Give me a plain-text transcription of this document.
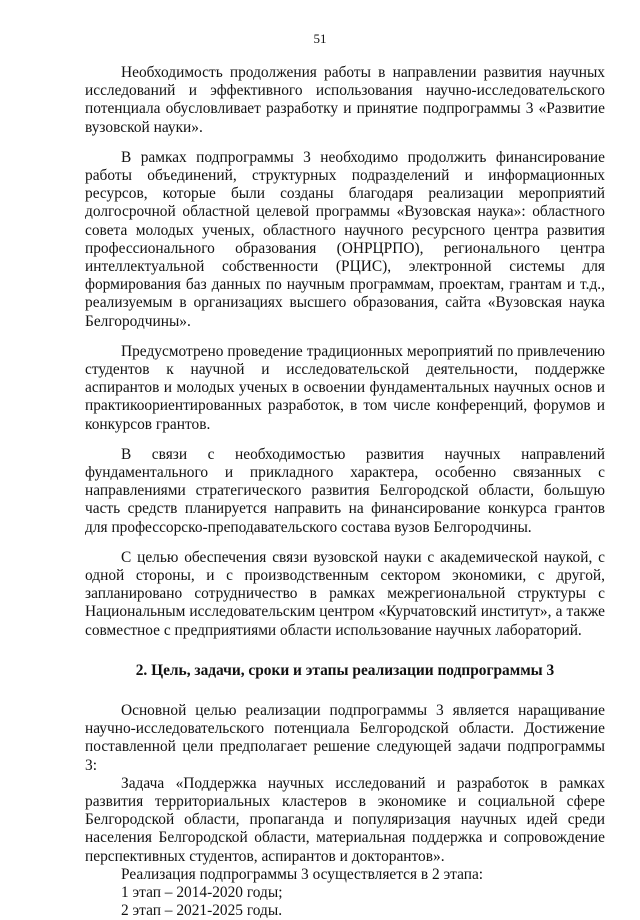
51

Необходимость продолжения работы в направлении развития научных исследований и эффективного использования научно-исследовательского потенциала обусловливает разработку и принятие подпрограммы 3 «Развитие вузовской науки».

В рамках подпрограммы 3 необходимо продолжить финансирование работы объединений, структурных подразделений и информационных ресурсов, которые были созданы благодаря реализации мероприятий долгосрочной областной целевой программы «Вузовская наука»: областного совета молодых ученых, областного научного ресурсного центра развития профессионального образования (ОНРЦРПО), регионального центра интеллектуальной собственности (РЦИС), электронной системы для формирования баз данных по научным программам, проектам, грантам и т.д., реализуемым в организациях высшего образования, сайта «Вузовская наука Белгородчины».

Предусмотрено проведение традиционных мероприятий по привлечению студентов к научной и исследовательской деятельности, поддержке аспирантов и молодых ученых в освоении фундаментальных научных основ и практикоориентированных разработок, в том числе конференций, форумов и конкурсов грантов.

В связи с необходимостью развития научных направлений фундаментального и прикладного характера, особенно связанных с направлениями стратегического развития Белгородской области, большую часть средств планируется направить на финансирование конкурса грантов для профессорско-преподавательского состава вузов Белгородчины.

С целью обеспечения связи вузовской науки с академической наукой, с одной стороны, и с производственным сектором экономики, с другой, запланировано сотрудничество в рамках межрегиональной структуры с Национальным исследовательским центром «Курчатовский институт», а также совместное с предприятиями области использование научных лабораторий.

2. Цель, задачи, сроки и этапы реализации подпрограммы 3

Основной целью реализации подпрограммы 3 является наращивание научно-исследовательского потенциала Белгородской области. Достижение поставленной цели предполагает решение следующей задачи подпрограммы 3:

Задача «Поддержка научных исследований и разработок в рамках развития территориальных кластеров в экономике и социальной сфере Белгородской области, пропаганда и популяризация научных идей среди населения Белгородской области, материальная поддержка и сопровождение перспективных студентов, аспирантов и докторантов».

Реализация подпрограммы 3 осуществляется в 2 этапа:

1 этап – 2014-2020 годы;

2 этап – 2021-2025 годы.
